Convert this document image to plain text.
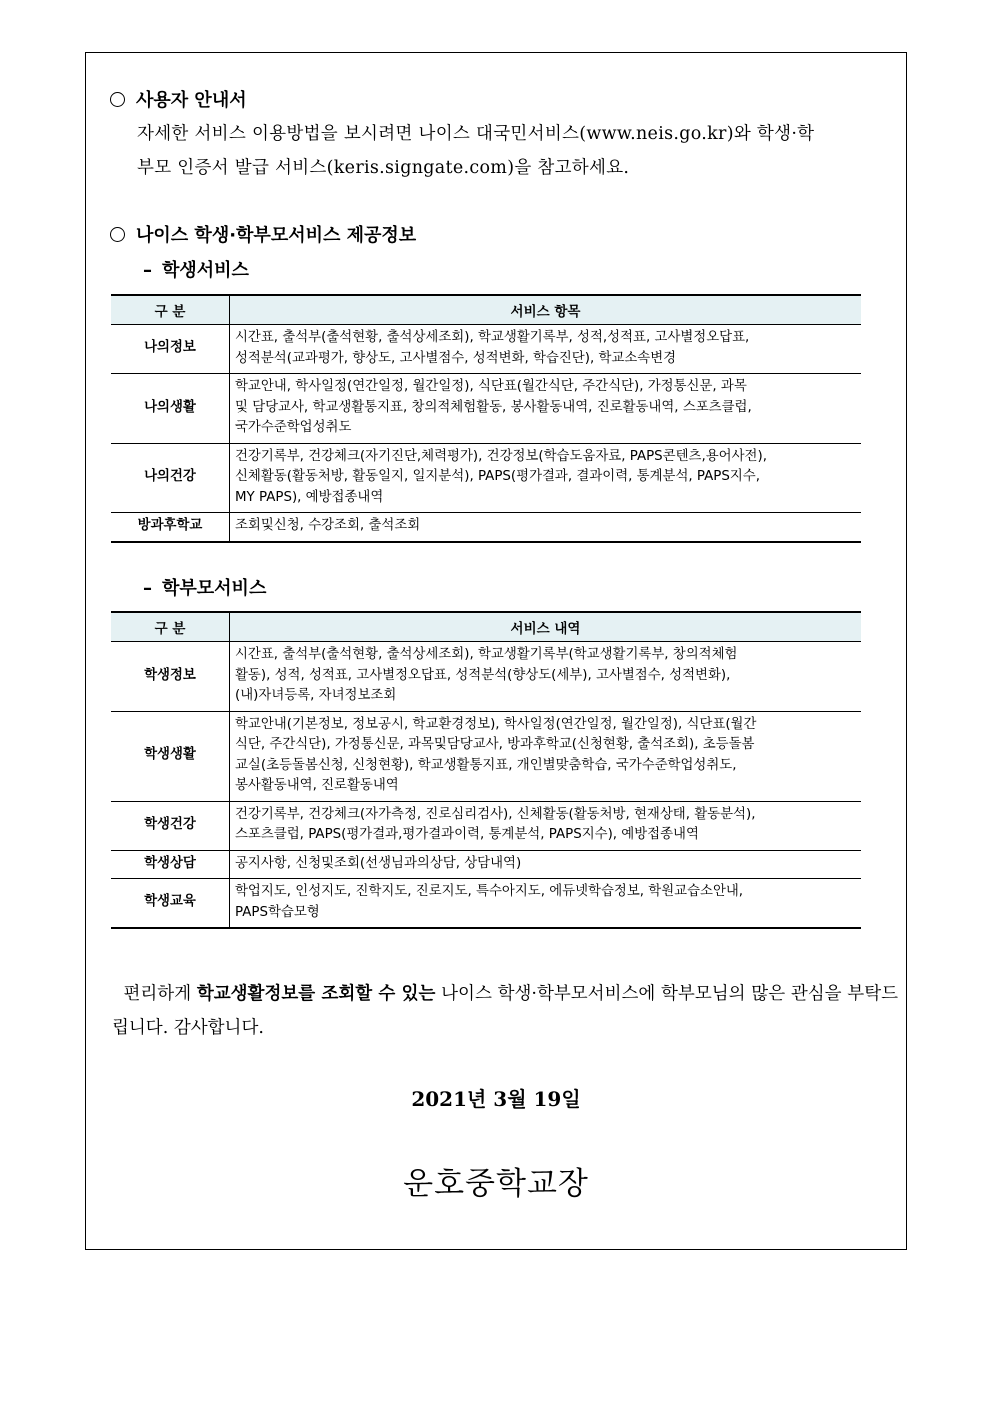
사용자 안내서
자세한 서비스 이용방법을 보시려면 나이스 대국민서비스(www.neis.go.kr)와 학생·학
부모 인증서 발급 서비스(keris.signgate.com)을 참고하세요.
나이스 학생·학부모서비스 제공정보
– 학생서비스
구 분	서비스 항목
나의정보	시간표, 출석부(출석현황, 출석상세조회), 학교생활기록부, 성적,성적표, 고사별정오답표,
성적분석(교과평가, 향상도, 고사별점수, 성적변화, 학습진단), 학교소속변경

나의생활	학교안내, 학사일정(연간일정, 월간일정), 식단표(월간식단, 주간식단), 가정통신문, 과목
및 담당교사, 학교생활통지표, 창의적체험활동, 봉사활동내역, 진로활동내역, 스포츠클럽,
국가수준학업성취도

나의건강	건강기록부, 건강체크(자기진단,체력평가), 건강정보(학습도움자료, PAPS콘텐츠,용어사전),
신체활동(활동처방, 활동일지, 일지분석), PAPS(평가결과, 결과이력, 통계분석, PAPS지수,
MY PAPS), 예방접종내역

방과후학교	조회및신청, 수강조회, 출석조회
– 학부모서비스
구 분	서비스 내역
학생정보	시간표, 출석부(출석현황, 출석상세조회), 학교생활기록부(학교생활기록부, 창의적체험
활동), 성적, 성적표, 고사별정오답표, 성적분석(향상도(세부), 고사별점수, 성적변화),
(내)자녀등록, 자녀정보조회

학생생활	학교안내(기본정보, 정보공시, 학교환경정보), 학사일정(연간일정, 월간일정), 식단표(월간
식단, 주간식단), 가정통신문, 과목및담당교사, 방과후학교(신청현황, 출석조회), 초등돌봄
교실(초등돌봄신청, 신청현황), 학교생활통지표, 개인별맞춤학습, 국가수준학업성취도,
봉사활동내역, 진로활동내역

학생건강	건강기록부, 건강체크(자가측정, 진로심리검사), 신체활동(활동처방, 현재상태, 활동분석),
스포츠클럽, PAPS(평가결과,평가결과이력, 통계분석, PAPS지수), 예방접종내역

학생상담	공지사항, 신청및조회(선생님과의상담, 상담내역)

학생교육	학업지도, 인성지도, 진학지도, 진로지도, 특수아지도, 에듀넷학습정보, 학원교습소안내,
PAPS학습모형
편리하게 학교생활정보를 조회할 수 있는 나이스 학생·학부모서비스에 학부모님의 많은 관심을 부탁드립니다. 감사합니다.
2021년 3월 19일
운호중학교장
